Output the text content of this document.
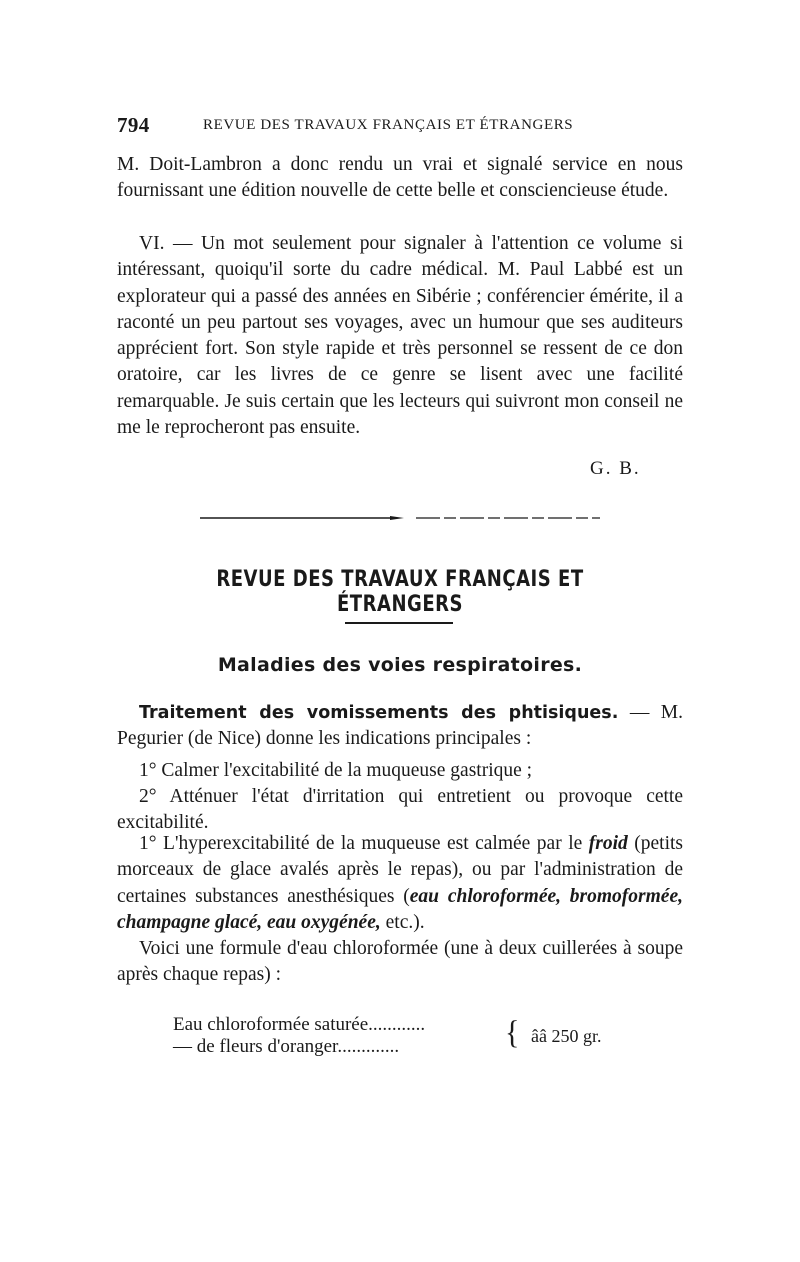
794	REVUE DES TRAVAUX FRANÇAIS ET ÉTRANGERS

M. Doit-Lambron a donc rendu un vrai et signalé service en nous fournissant une édition nouvelle de cette belle et consciencieuse étude.

VI. — Un mot seulement pour signaler à l'attention ce volume si intéressant, quoiqu'il sorte du cadre médical. M. Paul Labbé est un explorateur qui a passé des années en Sibérie ; conférencier émérite, il a raconté un peu partout ses voyages, avec un humour que ses auditeurs apprécient fort. Son style rapide et très personnel se ressent de ce don oratoire, car les livres de ce genre se lisent avec une facilité remarquable. Je suis certain que les lecteurs qui suivront mon conseil ne me le reprocheront pas ensuite.

G. B.
REVUE DES TRAVAUX FRANÇAIS ET ÉTRANGERS
Maladies des voies respiratoires.

Traitement des vomissements des phtisiques. — M. Pegurier (de Nice) donne les indications principales :

1° Calmer l'excitabilité de la muqueuse gastrique ;

2° Atténuer l'état d'irritation qui entretient ou provoque cette excitabilité.

1° L'hyperexcitabilité de la muqueuse est calmée par le froid (petits morceaux de glace avalés après le repas), ou par l'administration de certaines substances anesthésiques (eau chloroformée, bromoformée, champagne glacé, eau oxygénée, etc.).

Voici une formule d'eau chloroformée (une à deux cuillerées à soupe après chaque repas) :

Eau chloroformée saturée............
— de fleurs d'oranger.............	{ ââ 250 gr.
